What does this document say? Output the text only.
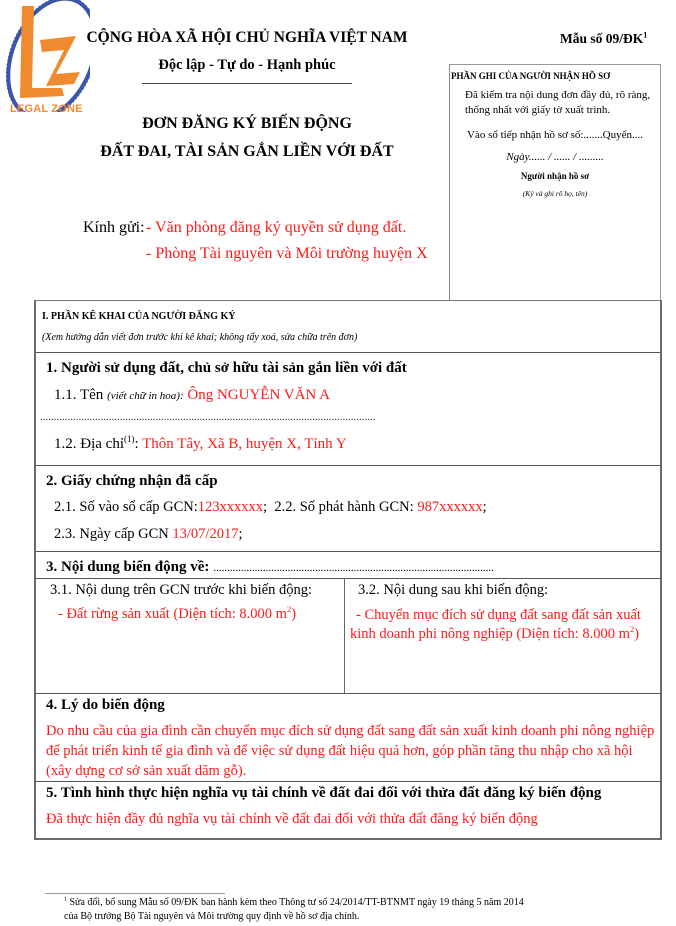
LEGAL ZONE
CỘNG HÒA XÃ HỘI CHỦ NGHĨA VIỆT NAM
Độc lập - Tự do - Hạnh phúc
Mẫu số $09/ĐK^1$
PHẦN GHI CỦA NGƯỜI NHẬN HỒ SƠ
Đã kiểm tra nội dung đơn đầy đủ, rõ ràng,
thống nhất với giấy tờ xuất trình.
Vào sổ tiếp nhận hồ sơ số:.......Quyển....
Ngày...... / ...... / .........
Người nhận hồ sơ
(Ký và ghi rõ họ, tên)
ĐƠN ĐĂNG KÝ BIẾN ĐỘNG
ĐẤT ĐAI, TÀI SẢN GẮN LIỀN VỚI ĐẤT
Kính gửi: - Văn phòng đăng ký quyền sử dụng đất.
- Phòng Tài nguyên và Môi trường huyện X
I. PHẦN KÊ KHAI CỦA NGƯỜI ĐĂNG KÝ
(Xem hướng dẫn viết đơn trước khi kê khai; không tẩy xoá, sửa chữa trên đơn)
1. Người sử dụng đất, chủ sở hữu tài sản gắn liền với đất
1.1. Tên (viết chữ in hoa): Ông NGUYỄN VĂN A
..........................................................................................................................
1.2. Địa chỉ$^{(1)}$: Thôn Tây, Xã B, huyện X, Tỉnh Y
2. Giấy chứng nhận đã cấp
2.1. Số vào sổ cấp GCN:123xxxxxx; 2.2. Số phát hành GCN: 987xxxxxx;
2.3. Ngày cấp GCN 13/07/2017;
3. Nội dung biến động về: ......................................................................................................
3.1. Nội dung trên GCN trước khi biến động:
- Đất rừng sản xuất (Diện tích: 8.000 $m^2$)
3.2. Nội dung sau khi biến động:
- Chuyển mục đích sử dụng đất sang đất sản xuất kinh doanh phi nông nghiệp (Diện tích: 8.000 $m^2$)
4. Lý do biến động
Do nhu cầu của gia đình cần chuyển mục đích sử dụng đất sang đất sản xuất kinh doanh phi nông nghiệp để phát triển kinh tế gia đình và để việc sử dụng đất hiệu quả hơn, góp phần tăng thu nhập cho xã hội (xây dựng cơ sở sản xuất dăm gỗ).
5. Tình hình thực hiện nghĩa vụ tài chính về đất đai đối với thửa đất đăng ký biến động
Đã thực hiện đầy đủ nghĩa vụ tài chính về đất đai đối với thửa đất đăng ký biến động
$^1$ Sửa đổi, bổ sung Mẫu số 09/ĐK ban hành kèm theo Thông tư số 24/2014/TT-BTNMT ngày 19 tháng 5 năm 2014
của Bộ trưởng Bộ Tài nguyên và Môi trường quy định về hồ sơ địa chính.
